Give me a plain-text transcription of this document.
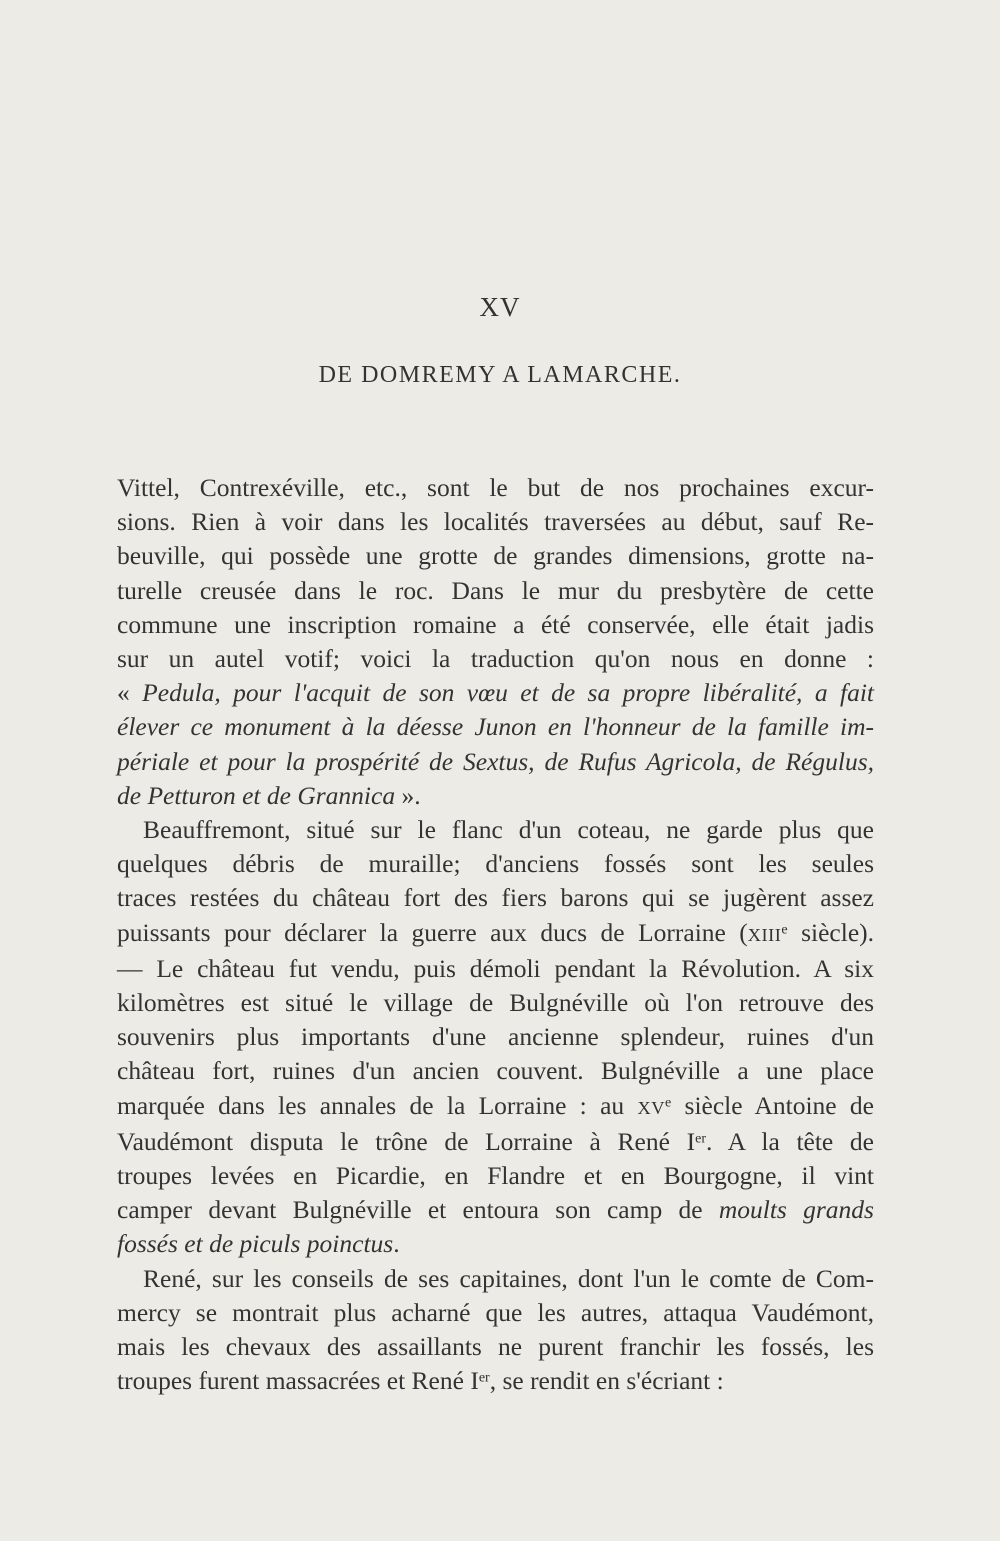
XV
DE DOMREMY A LAMARCHE.
Vittel, Contrexéville, etc., sont le but de nos prochaines excur-
sions. Rien à voir dans les localités traversées au début, sauf Re-
beuville, qui possède une grotte de grandes dimensions, grotte na-
turelle creusée dans le roc. Dans le mur du presbytère de cette
commune une inscription romaine a été conservée, elle était jadis
sur un autel votif; voici la traduction qu'on nous en donne :
« Pedula, pour l'acquit de son vœu et de sa propre libéralité, a fait
élever ce monument à la déesse Junon en l'honneur de la famille im-
périale et pour la prospérité de Sextus, de Rufus Agricola, de Régulus,
de Petturon et de Grannica ».
Beauffremont, situé sur le flanc d'un coteau, ne garde plus que
quelques débris de muraille; d'anciens fossés sont les seules
traces restées du château fort des fiers barons qui se jugèrent assez
puissants pour déclarer la guerre aux ducs de Lorraine (XIIIe siècle).
— Le château fut vendu, puis démoli pendant la Révolution. A six
kilomètres est situé le village de Bulgnéville où l'on retrouve des
souvenirs plus importants d'une ancienne splendeur, ruines d'un
château fort, ruines d'un ancien couvent. Bulgnéville a une place
marquée dans les annales de la Lorraine : au XVe siècle Antoine de
Vaudémont disputa le trône de Lorraine à René Ier. A la tête de
troupes levées en Picardie, en Flandre et en Bourgogne, il vint
camper devant Bulgnéville et entoura son camp de moults grands
fossés et de piculs poinctus.
René, sur les conseils de ses capitaines, dont l'un le comte de Com-
mercy se montrait plus acharné que les autres, attaqua Vaudémont,
mais les chevaux des assaillants ne purent franchir les fossés, les
troupes furent massacrées et René Ier, se rendit en s'écriant :
